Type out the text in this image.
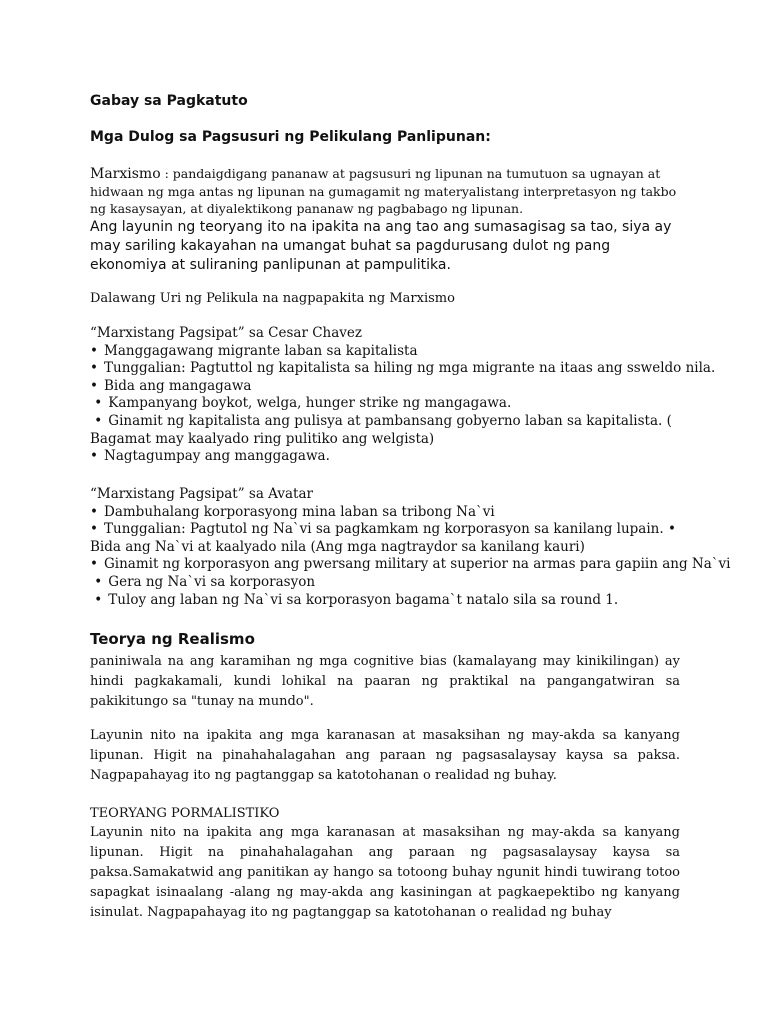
Gabay sa Pagkatuto

Mga Dulog sa Pagsusuri ng Pelikulang Panlipunan:

Marxismo : pandaigdigang pananaw at pagsusuri ng lipunan na tumutuon sa ugnayan at hidwaan ng mga antas ng lipunan na gumagamit ng materyalistang interpretasyon ng takbo ng kasaysayan, at diyalektikong pananaw ng pagbabago ng lipunan.

Ang layunin ng teoryang ito na ipakita na ang tao ang sumasagisag sa tao, siya ay may sariling kakayahan na umangat buhat sa pagdurusang dulot ng pang ekonomiya at suliraning panlipunan at pampulitika.

Dalawang Uri ng Pelikula na nagpapakita ng Marxismo

“Marxistang Pagsipat” sa Cesar Chavez
• Manggagawang migrante laban sa kapitalista
• Tunggalian: Pagtuttol ng kapitalista sa hiling ng mga migrante na itaas ang ssweldo nila.
• Bida ang mangagawa
• Kampanyang boykot, welga, hunger strike ng mangagawa.
• Ginamit ng kapitalista ang pulisya at pambansang gobyerno laban sa kapitalista. ( Bagamat may kaalyado ring pulitiko ang welgista)
• Nagtagumpay ang manggagawa.
“Marxistang Pagsipat” sa Avatar
• Dambuhalang korporasyong mina laban sa tribong Na`vi
• Tunggalian: Pagtutol ng Na`vi sa pagkamkam ng korporasyon sa kanilang lupain. • Bida ang Na`vi at kaalyado nila (Ang mga nagtraydor sa kanilang kauri)
• Ginamit ng korporasyon ang pwersang military at superior na armas para gapiin ang Na`vi
• Gera ng Na`vi sa korporasyon
• Tuloy ang laban ng Na`vi sa korporasyon bagama`t natalo sila sa round 1.

Teorya ng Realismo

paniniwala na ang karamihan ng mga cognitive bias (kamalayang may kinikilingan) ay hindi pagkakamali, kundi lohikal na paaran ng praktikal na pangangatwiran sa pakikitungo sa "tunay na mundo".

Layunin nito na ipakita ang mga karanasan at masaksihan ng may-akda sa kanyang lipunan. Higit na pinahahalagahan ang paraan ng pagsasalaysay kaysa sa paksa. Nagpapahayag ito ng pagtanggap sa katotohanan o realidad ng buhay.

TEORYANG PORMALISTIKO

Layunin nito na ipakita ang mga karanasan at masaksihan ng may-akda sa kanyang lipunan. Higit na pinahahalagahan ang paraan ng pagsasalaysay kaysa sa paksa.Samakatwid ang panitikan ay hango sa totoong buhay ngunit hindi tuwirang totoo sapagkat isinaalang -alang ng may-akda ang kasiningan at pagkaepektibo ng kanyang isinulat. Nagpapahayag ito ng pagtanggap sa katotohanan o realidad ng buhay
